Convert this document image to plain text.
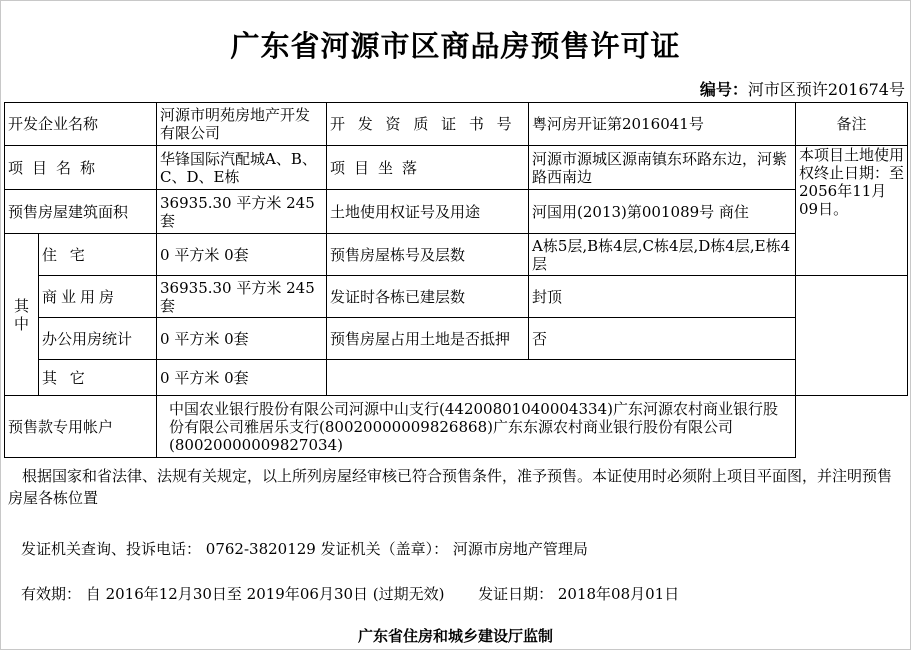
广东省河源市区商品房预售许可证
编号：河市区预许201674号
开发企业名称		河源市明苑房地产开发有限公司	开 发 资 质 证 书 号	粤河房开证第2016041号	备注
项目名称		华锋国际汽配城A、B、C、D、E栋	项目坐落	河源市源城区源南镇东环路东边，河紫路西南边	本项目土地使用权终止日期：至2056年11月09日。
预售房屋建筑面积		36935.30 平方米 245套	土地使用权证号及用途	河国用(2013)第001089号 商住	
其中	住 宅	0 平方米 0套	预售房屋栋号及层数	A栋5层,B栋4层,C栋4层,D栋4层,E栋4层	
	商业用房	36935.30 平方米 245套	发证时各栋已建层数	封顶	
	办公用房统计	0 平方米 0套	预售房屋占用土地是否抵押	否	
	其 它	0 平方米 0套			
预售款专用帐户		中国农业银行股份有限公司河源中山支行(44200801040004334)广东河源农村商业银行股份有限公司雅居乐支行(80020000009826868)广东东源农村商业银行股份有限公司(80020000009827034)			
根据国家和省法律、法规有关规定，以上所列房屋经审核已符合预售条件，准予预售。本证使用时必须附上项目平面图，并注明预售房屋各栋位置
发证机关查询、投诉电话： 0762-3820129 发证机关（盖章）： 河源市房地产管理局
有效期： 自 2016年12月30日至 2019年06月30日 (过期无效) 发证日期： 2018年08月01日
广东省住房和城乡建设厅监制
